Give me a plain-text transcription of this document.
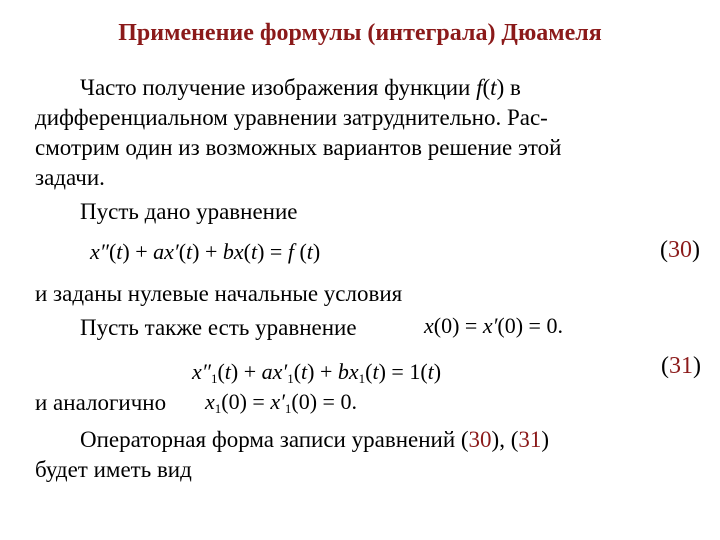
Применение формулы (интеграла) Дюамеля
Часто получение изображения функции f(t) в
дифференциальном уравнении затруднительно. Рас-
смотрим один из возможных вариантов решение этой
задачи.
Пусть дано уравнение
x″(t) + ax′(t) + bx(t) = f (t)	(30)
и заданы нулевые начальные условия
Пусть также есть уравнение	x(0) = x′(0) = 0.
$x''_1(t) + ax'_1(t) + bx_1(t) = 1(t)$	(31)
и аналогично $x_1(0) = x'_1(0) = 0$.
Операторная форма записи уравнений (30), (31)
будет иметь вид
